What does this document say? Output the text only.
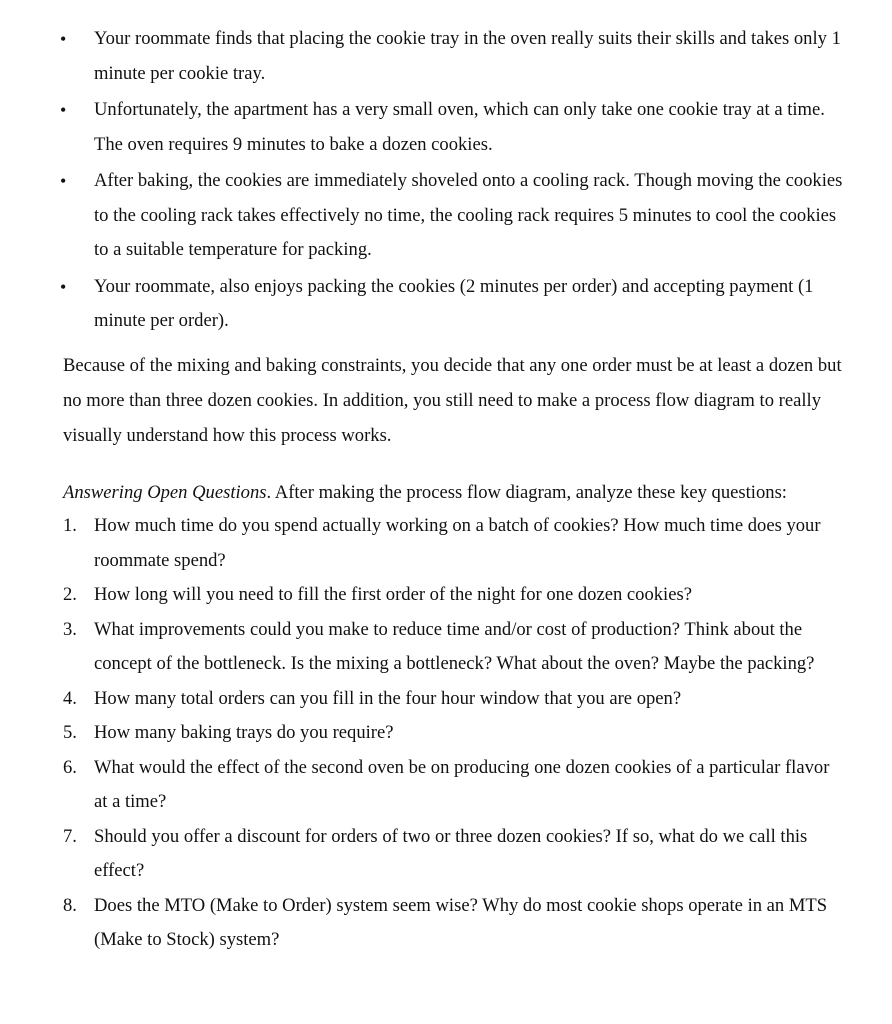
• Your roommate finds that placing the cookie tray in the oven really suits their skills and takes only 1 minute per cookie tray.
• Unfortunately, the apartment has a very small oven, which can only take one cookie tray at a time. The oven requires 9 minutes to bake a dozen cookies.
• After baking, the cookies are immediately shoveled onto a cooling rack. Though moving the cookies to the cooling rack takes effectively no time, the cooling rack requires 5 minutes to cool the cookies to a suitable temperature for packing.
• Your roommate, also enjoys packing the cookies (2 minutes per order) and accepting payment (1 minute per order).

Because of the mixing and baking constraints, you decide that any one order must be at least a dozen but no more than three dozen cookies. In addition, you still need to make a process flow diagram to really visually understand how this process works.

Answering Open Questions. After making the process flow diagram, analyze these key questions:

1. How much time do you spend actually working on a batch of cookies? How much time does your roommate spend?
2. How long will you need to fill the first order of the night for one dozen cookies?
3. What improvements could you make to reduce time and/or cost of production? Think about the concept of the bottleneck. Is the mixing a bottleneck? What about the oven? Maybe the packing?
4. How many total orders can you fill in the four hour window that you are open?
5. How many baking trays do you require?
6. What would the effect of the second oven be on producing one dozen cookies of a particular flavor at a time?
7. Should you offer a discount for orders of two or three dozen cookies? If so, what do we call this effect?
8. Does the MTO (Make to Order) system seem wise? Why do most cookie shops operate in an MTS (Make to Stock) system?
